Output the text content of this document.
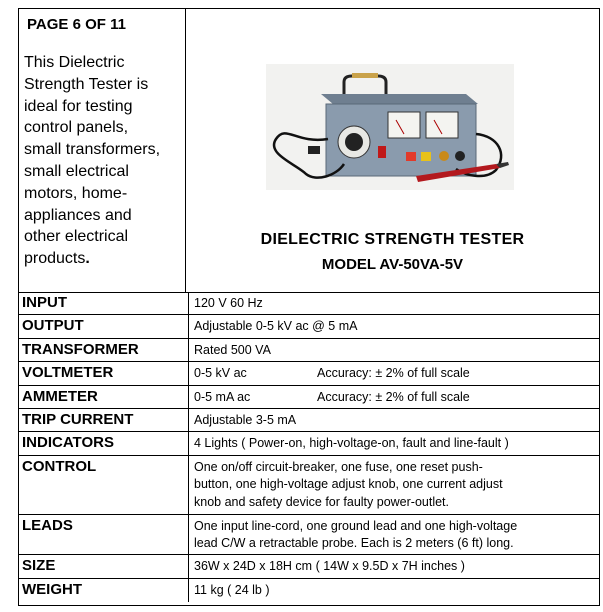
PAGE 6 OF 11
This Dielectric
Strength Tester is
ideal for testing
control panels,
small transformers,
small electrical
motors, home-
appliances and
other electrical
products.
DIELECTRIC STRENGTH TESTER
MODEL AV-50VA-5V
INPUT	120 V 60 Hz
OUTPUT	Adjustable 0-5 kV ac @ 5 mA
TRANSFORMER	Rated 500 VA
VOLTMETER	0-5 kV ac Accuracy: ± 2% of full scale

AMMETER	0-5 mA ac Accuracy: ± 2% of full scale

TRIP CURRENT	Adjustable 3-5 mA
INDICATORS	4 Lights ( Power-on, high-voltage-on, fault and line-fault )
CONTROL	One on/off circuit-breaker, one fuse, one reset push-
button, one high-voltage adjust knob, one current adjust
knob and safety device for faulty power-outlet.

LEADS	One input line-cord, one ground lead and one high-voltage
lead C/W a retractable probe. Each is 2 meters (6 ft) long.

SIZE	36W x 24D x 18H cm ( 14W x 9.5D x 7H inches )
WEIGHT	11 kg ( 24 lb )
